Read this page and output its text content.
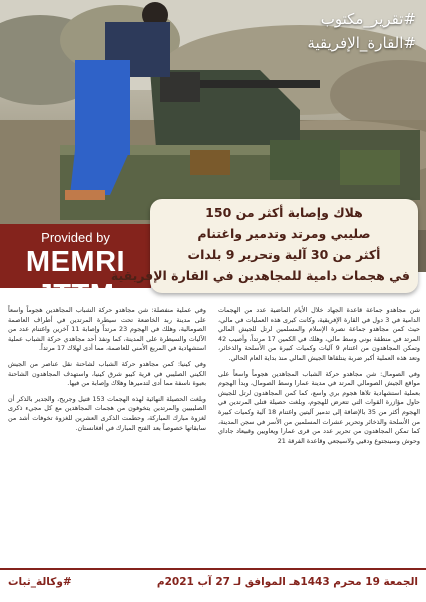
#تقرير_مكتوب
#القارة_الإفريقية
Provided by
MEMRI JTTM
هلاك وإصابة أكثر من 150
صليبي ومرتد وتدمير واغتنام
أكثر من 30 آلية وتحرير 9 بلدات
في هجمات دامية للمجاهدين في القارة الإفريقية

شن مجاهدو جماعة قاعدة الجهاد خلال الأيام الماضية عدد من الهجمات الدامية في 3 دول في القارة الإفريقية، وكانت كبرى هذه العمليات في مالي، حيث كمن مجاهدو جماعة نصرة الإسلام والمسلمين لرتل للجيش المالي المرتد في منطقة بوني وسط مالي، وهلك في الكمين 17 مرتداً، وأصيب 42 وتمكن المجاهدون من اغتنام 9 آليات وكميات كبيرة من الأسلحة والذخائر، وتعد هذه العملية أكبر ضربة ينتلقاها الجيش المالي منذ بداية العام الحالي.

وفي الصومال: شن مجاهدو حركة الشباب المجاهدين هجوماً واسعاً على مواقع الجيش الصومالي المرتد في مدينة عمارا وسط الصومال، وبدأ الهجوم بعملية استشهادية تلاها هجوم بري واسع، كما كمن المجاهدون لرتل للجيش حاول مؤازرة القوات التي تتعرض للهجوم، وبلغت حصيلة قتلى المرتدين في الهجوم أكثر من 35 بالإضافة إلى تدمير آليتين واغتنام 18 آلية وكميات كبيرة من الأسلحة والذخائر وتحرير عشرات المسلمين من الأسر في سجن المدينة، كما تمكن المجاهدون من تحرير عدد من قرى عمارا ويعاويين وقبيعاد جاداي وحوش وسينجتوع ودقيي ولاسيجعي وقاعدة الفرقة 21

وفي عملية منفصلة: شن مجاهدو حركة الشباب المجاهدين هجوماً واسعاً على مدينة ربد الخاضعة تحت سيطرة المرتدين في أطراف العاصمة الصومالية، وهلك في الهجوم 23 مرتداً وإصابة 11 آخرين واغتنام عدد من الآليات والسيطرة على المدينة، كما ونفذ أحد مجاهدي حركة الشباب عملية استشهادية في المربع الأمني للعاصمة، مما أدى لهلاك 17 مرتداً.

وفي كينيا: كمن مجاهدو حركة الشباب لشاحنة نقل عناصر من الجيش الكيني الصليبي في قرية كيبو شرق كينيا، واستهدف المجاهدون الشاحنة بعبوة ناسفة مما أدى لتدميرها وهلاك وإصابة من فيها.

وبلغت الحصيلة النهائية لهذه الهجمات 153 قتيل وجريح، والجدير بالذكر أن الصليبيين والمرتدين يتخوفون من هجمات المجاهدين مع كل مجيء ذكرى لغزوة مبارك المباركة، وحطمت الذكرى العشرين للغزوة تخوفات أشد من سابقاتها خصوصاً بعد الفتح المبارك في أفغانستان.

الجمعة 19 محرم 1443هـ الموافق لـ 27 آب 2021م
#وكالة_ثبات
